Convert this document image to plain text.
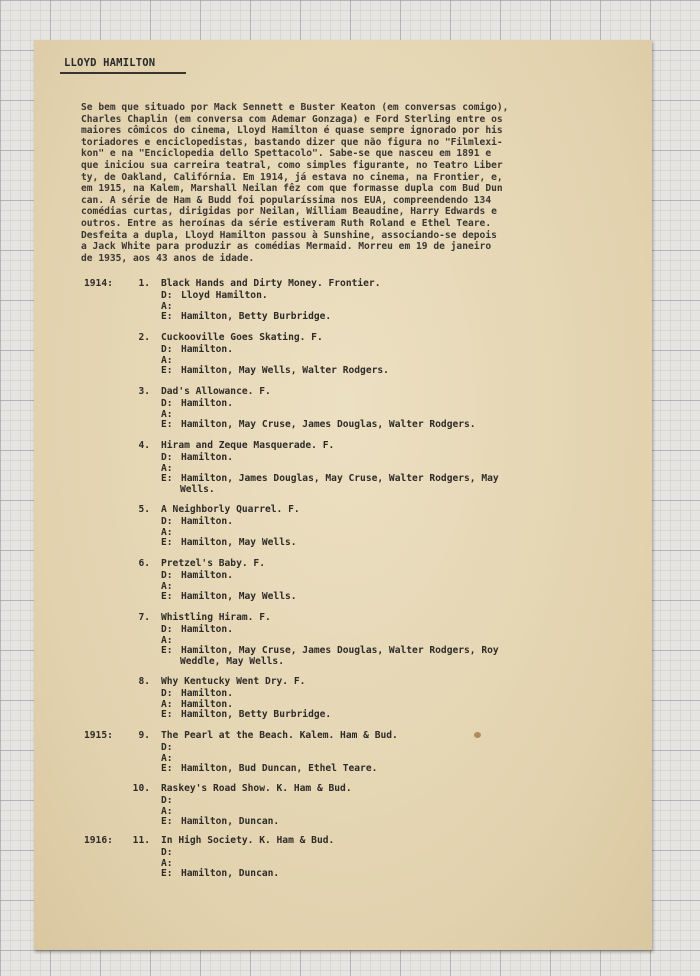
LLOYD HAMILTON
Se bem que situado por Mack Sennett e Buster Keaton (em conversas comigo),
Charles Chaplin (em conversa com Ademar Gonzaga) e Ford Sterling entre os
maiores cômicos do cinema, Lloyd Hamilton é quase sempre ignorado por his
toriadores e enciclopedistas, bastando dizer que não figura no "Filmlexi-
kon" e na "Enciclopedia dello Spettacolo". Sabe-se que nasceu em 1891 e
que iniciou sua carreira teatral, como simples figurante, no Teatro Liber
ty, de Oakland, Califórnia. Em 1914, já estava no cinema, na Frontier, e,
em 1915, na Kalem, Marshall Neilan fêz com que formasse dupla com Bud Dun
can. A série de Ham & Budd foi popularíssima nos EUA, compreendendo 134
comédias curtas, dirigidas por Neilan, William Beaudine, Harry Edwards e
outros. Entre as heroínas da série estiveram Ruth Roland e Ethel Teare.
Desfeita a dupla, Lloyd Hamilton passou à Sunshine, associando-se depois
a Jack White para produzir as comédias Mermaid. Morreu em 19 de janeiro
de 1935, aos 43 anos de idade.
1914:	1. Black Hands and Dirty Money. Frontier.
D: Lloyd Hamilton.
A:
E: Hamilton, Betty Burbridge.
2. Cuckooville Goes Skating. F.
D: Hamilton.
A:
E: Hamilton, May Wells, Walter Rodgers.
3. Dad's Allowance. F.
D: Hamilton.
A:
E: Hamilton, May Cruse, James Douglas, Walter Rodgers.
4. Hiram and Zeque Masquerade. F.
D: Hamilton.
A:
E: Hamilton, James Douglas, May Cruse, Walter Rodgers, May
Wells.
5. A Neighborly Quarrel. F.
D: Hamilton.
A:
E: Hamilton, May Wells.
6. Pretzel's Baby. F.
D: Hamilton.
A:
E: Hamilton, May Wells.
7. Whistling Hiram. F.
D: Hamilton.
A:
E: Hamilton, May Cruse, James Douglas, Walter Rodgers, Roy
Weddle, May Wells.
8. Why Kentucky Went Dry. F.
D: Hamilton.
A: Hamilton.
E: Hamilton, Betty Burbridge.
1915:	9. The Pearl at the Beach. Kalem. Ham & Bud.
D:
A:
E: Hamilton, Bud Duncan, Ethel Teare.
10. Raskey's Road Show. K. Ham & Bud.
D:
A:
E: Hamilton, Duncan.
1916:	11. In High Society. K. Ham & Bud.
D:
A:
E: Hamilton, Duncan.
